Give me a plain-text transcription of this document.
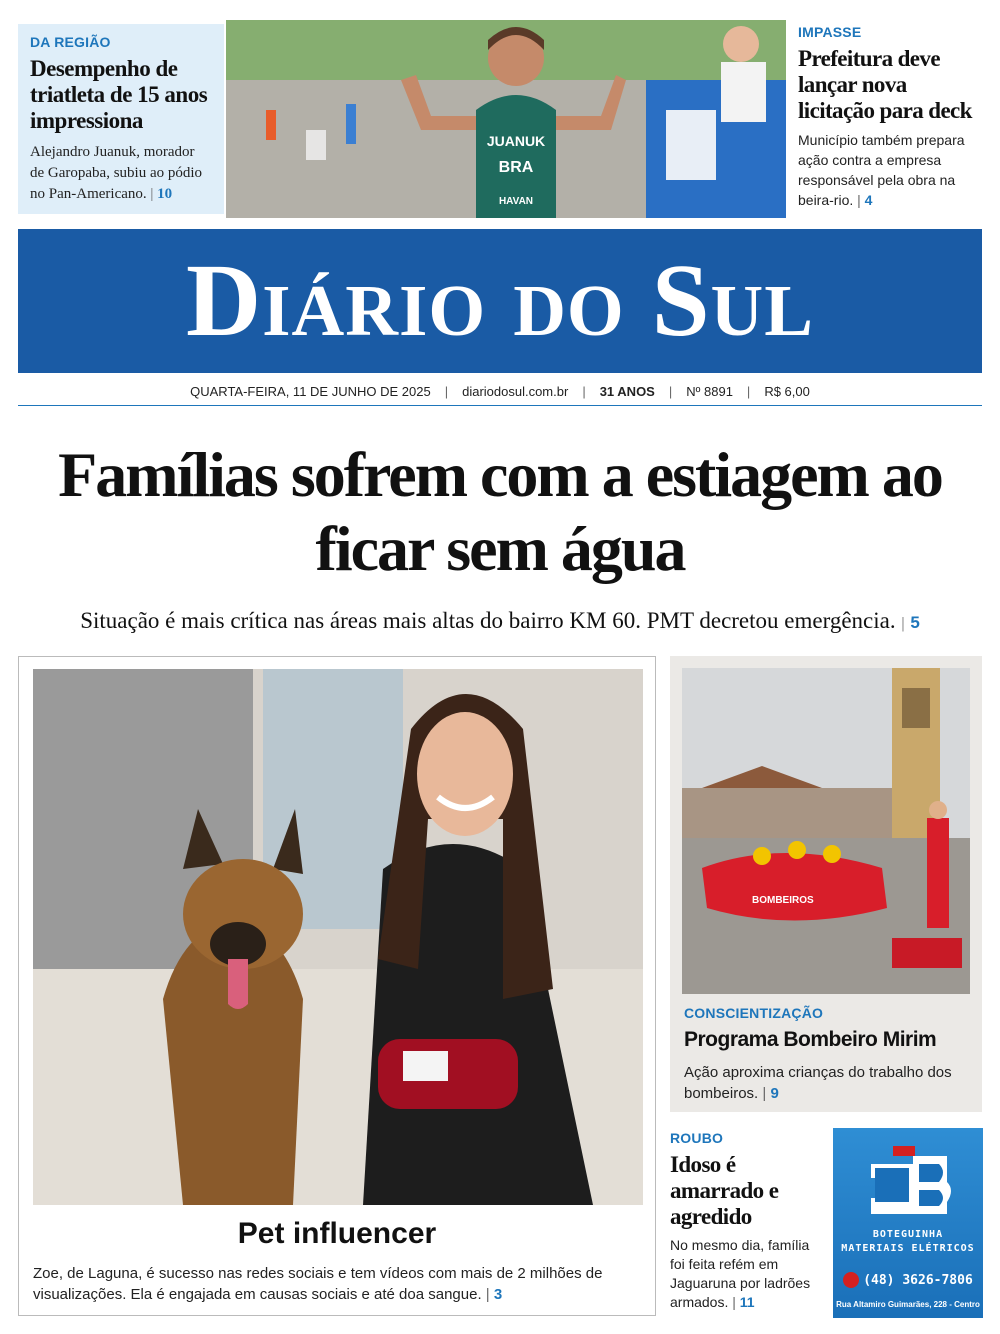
DA REGIÃO
Desempenho de triatleta de 15 anos impressiona
Alejandro Juanuk, morador de Garopaba, subiu ao pódio no Pan-Americano. | 10
JUANUK
BRA
HAVAN
IMPASSE
Prefeitura deve lançar nova licitação para deck
Município também prepara ação contra a empresa responsável pela obra na beira-rio. | 4
Diário do Sul
QUARTA-FEIRA, 11 DE JUNHO DE 2025 | diariodosul.com.br | 31 ANOS | Nº 8891 | R$ 6,00
Famílias sofrem com a estiagem ao ficar sem água
Situação é mais crítica nas áreas mais altas do bairro KM 60. PMT decretou emergência. | 5
Pet influencer
Zoe, de Laguna, é sucesso nas redes sociais e tem vídeos com mais de 2 milhões de visualizações. Ela é engajada em causas sociais e até doa sangue. | 3
BOMBEIROS
CONSCIENTIZAÇÃO
Programa Bombeiro Mirim
Ação aproxima crianças do trabalho dos bombeiros. | 9
ROUBO
Idoso é amarrado e agredido
No mesmo dia, família foi feita refém em Jaguaruna por ladrões armados. | 11
BOTEGUINHA
MATERIAIS ELÉTRICOS
(48) 3626-7806
Rua Altamiro Guimarães, 228 - Centro
